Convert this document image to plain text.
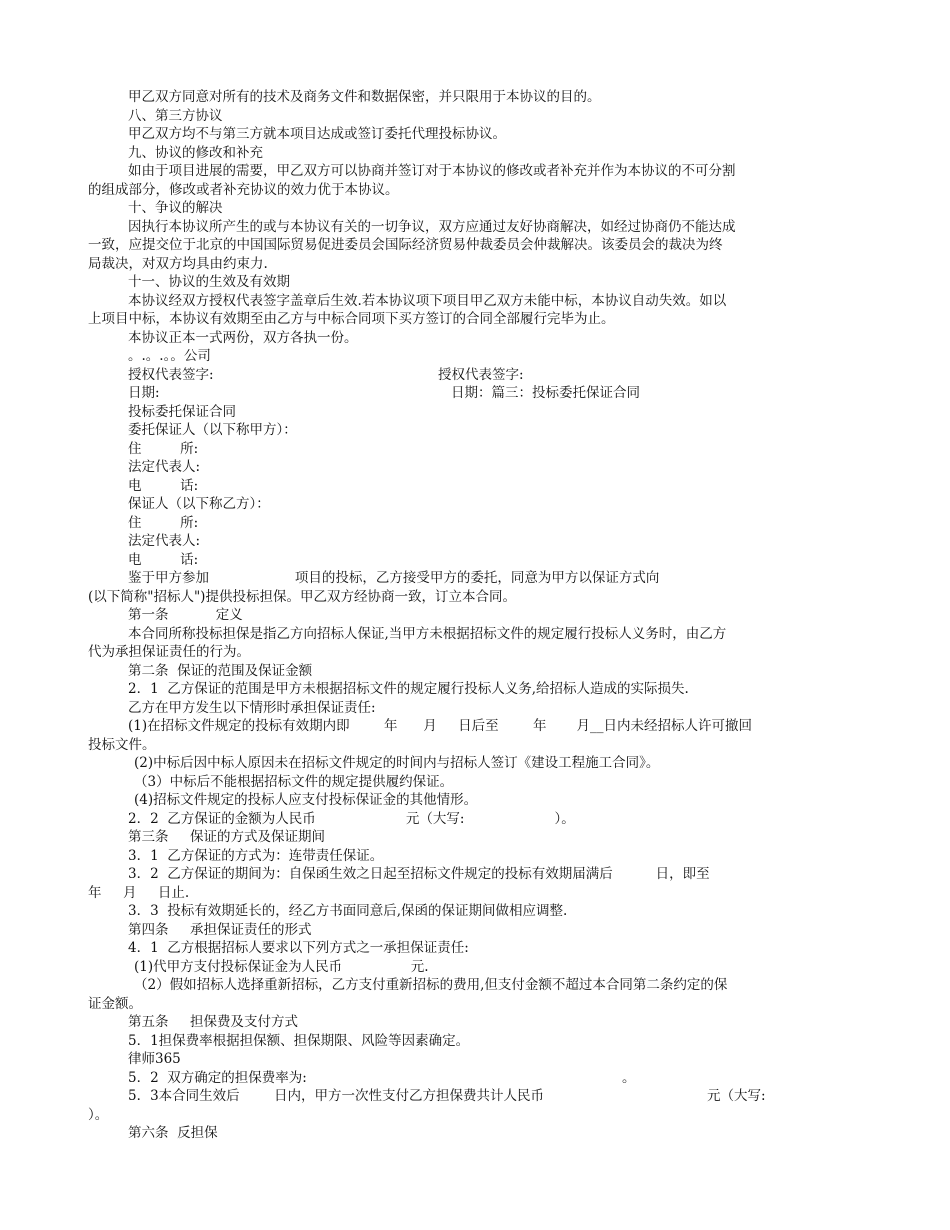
甲乙双方同意对所有的技术及商务文件和数据保密，并只限用于本协议的目的。
八、第三方协议
甲乙双方均不与第三方就本项目达成或签订委托代理投标协议。
九、协议的修改和补充
如由于项目进展的需要，甲乙双方可以协商并签订对于本协议的修改或者补充并作为本协议的不可分割
的组成部分，修改或者补充协议的效力优于本协议。
十、争议的解决
因执行本协议所产生的或与本协议有关的一切争议，双方应通过友好协商解决，如经过协商仍不能达成
一致，应提交位于北京的中国国际贸易促进委员会国际经济贸易仲裁委员会仲裁解决。该委员会的裁决为终
局裁决，对双方均具由约束力.
十一、协议的生效及有效期
本协议经双方授权代表签字盖章后生效.若本协议项下项目甲乙双方未能中标，本协议自动失效。如以
上项目中标，本协议有效期至由乙方与中标合同项下买方签订的合同全部履行完毕为止。
本协议正本一式两份，双方各执一份。
。.。.。。公司
授权代表签字:	授权代表签字:
日期:	日期：篇三：投标委托保证合同
投标委托保证合同
委托保证人（以下称甲方）：
住         所:
法定代表人:
电         话:
保证人（以下称乙方）：
住         所:
法定代表人:
电         话:
鉴于甲方参加                    项目的投标，乙方接受甲方的委托，同意为甲方以保证方式向
(以下简称"招标人")提供投标担保。甲乙双方经协商一致，订立本合同。
第一条           定义
本合同所称投标担保是指乙方向招标人保证,当甲方未根据招标文件的规定履行投标人义务时，由乙方
代为承担保证责任的行为。
第二条  保证的范围及保证金额
2．1  乙方保证的范围是甲方未根据招标文件的规定履行投标人义务,给招标人造成的实际损失.
乙方在甲方发生以下情形时承担保证责任:
(1)在招标文件规定的投标有效期内即        年      月     日后至        年       月__日内未经招标人许可撤回
投标文件。
(2)中标后因中标人原因未在招标文件规定的时间内与招标人签订《建设工程施工合同》。
（3）中标后不能根据招标文件的规定提供履约保证。
(4)招标文件规定的投标人应支付投标保证金的其他情形。
2．2  乙方保证的金额为人民币                     元（大写:                     ）。
第三条     保证的方式及保证期间
3．1  乙方保证的方式为：连带责任保证。
3．2  乙方保证的期间为：自保函生效之日起至招标文件规定的投标有效期届满后          日，即至
年     月     日止.
3．3  投标有效期延长的，经乙方书面同意后,保函的保证期间做相应调整.
第四条     承担保证责任的形式
4．1  乙方根据招标人要求以下列方式之一承担保证责任:
(1)代甲方支付投标保证金为人民币                元.
（2）假如招标人选择重新招标，乙方支付重新招标的费用,但支付金额不超过本合同第二条约定的保
证金额。
第五条     担保费及支付方式
5．1担保费率根据担保额、担保期限、风险等因素确定。
律师365
5．2  双方确定的担保费率为:	。
5．3本合同生效后        日内，甲方一次性支付乙方担保费共计人民币	元（大写:
）。
第六条  反担保
